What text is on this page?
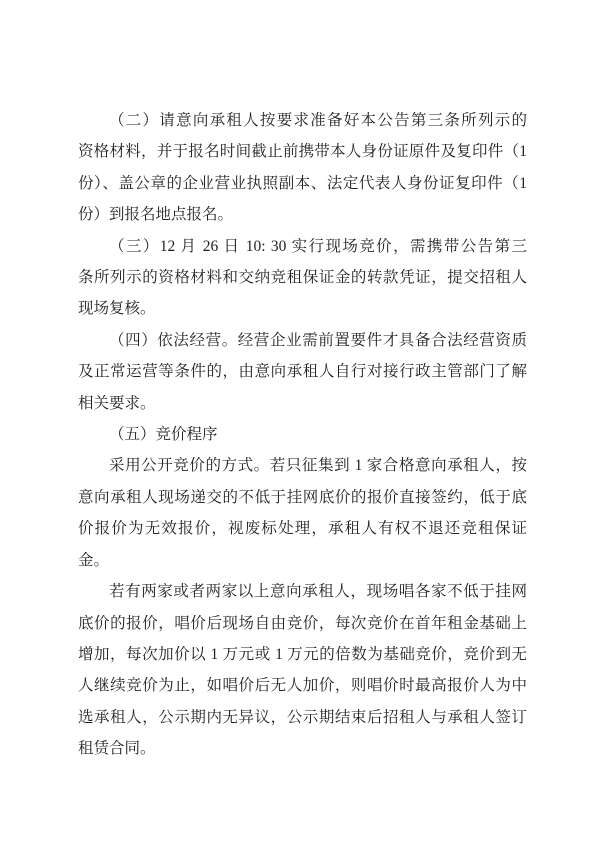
（二）请意向承租人按要求准备好本公告第三条所列示的
资格材料，并于报名时间截止前携带本人身份证原件及复印件（1
份）、盖公章的企业营业执照副本、法定代表人身份证复印件（1
份）到报名地点报名。
（三）12 月 26 日 10: 30 实行现场竞价，需携带公告第三
条所列示的资格材料和交纳竞租保证金的转款凭证，提交招租人
现场复核。
（四）依法经营。经营企业需前置要件才具备合法经营资质
及正常运营等条件的，由意向承租人自行对接行政主管部门了解
相关要求。
（五）竞价程序
采用公开竞价的方式。若只征集到 1 家合格意向承租人，按
意向承租人现场递交的不低于挂网底价的报价直接签约，低于底
价报价为无效报价，视废标处理，承租人有权不退还竞租保证金。
若有两家或者两家以上意向承租人，现场唱各家不低于挂网
底价的报价，唱价后现场自由竞价，每次竞价在首年租金基础上
增加，每次加价以 1 万元或 1 万元的倍数为基础竞价，竞价到无
人继续竞价为止，如唱价后无人加价，则唱价时最高报价人为中
选承租人，公示期内无异议，公示期结束后招租人与承租人签订
租赁合同。
